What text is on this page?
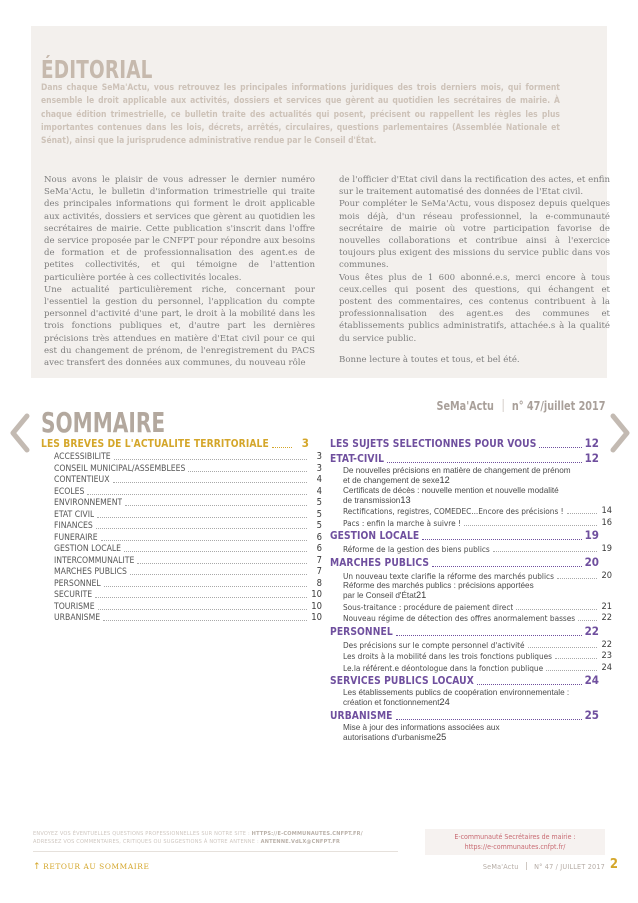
ÉDITORIAL

Dans chaque SeMa'Actu, vous retrouvez les principales informations juridiques des trois derniers mois, qui forment ensemble le droit applicable aux activités, dossiers et services que gèrent au quotidien les secrétaires de mairie. À chaque édition trimestrielle, ce bulletin traite des actualités qui posent, précisent ou rappellent les règles les plus importantes contenues dans les lois, décrets, arrêtés, circulaires, questions parlementaires (Assemblée Nationale et Sénat), ainsi que la jurisprudence administrative rendue par le Conseil d'État.

Nous avons le plaisir de vous adresser le dernier numéro SeMa'Actu, le bulletin d'information trimestrielle qui traite des principales informations qui forment le droit applicable aux activités, dossiers et services que gèrent au quotidien les secrétaires de mairie. Cette publication s'inscrit dans l'offre de service proposée par le CNFPT pour répondre aux besoins de formation et de professionnalisation des agent.es de petites collectivités, et qui témoigne de l'attention particulière portée à ces collectivités locales.

Une actualité particulièrement riche, concernant pour l'essentiel la gestion du personnel, l'application du compte personnel d'activité d'une part, le droit à la mobilité dans les trois fonctions publiques et, d'autre part les dernières précisions très attendues en matière d'Etat civil pour ce qui est du changement de prénom, de l'enregistrement du PACS avec transfert des données aux communes, du nouveau rôle

de l'officier d'Etat civil dans la rectification des actes, et enfin sur le traitement automatisé des données de l'Etat civil.

Pour compléter le SeMa'Actu, vous disposez depuis quelques mois déjà, d'un réseau professionnel, la e-communauté secrétaire de mairie où votre participation favorise de nouvelles collaborations et contribue ainsi à l'exercice toujours plus exigent des missions du service public dans vos communes.

Vous êtes plus de 1 600 abonné.e.s, merci encore à tous ceux.celles qui posent des questions, qui échangent et postent des commentaires, ces contenus contribuent à la professionnalisation des agent.es des communes et établissements publics administratifs, attachée.s à la qualité du service public.

Bonne lecture à toutes et tous, et bel été.

SOMMAIRE
SeMa'Actu n° 47/juillet 2017
LES BRÈVES DE L'ACTUALITÉ TERRITORIALE	3
ACCESSIBILITÉ	3
CONSEIL MUNICIPAL/ASSEMBLÉES	3
CONTENTIEUX	4
ÉCOLES	4
ENVIRONNEMENT	5
ÉTAT CIVIL	5
FINANCES	5
FUNÉRAIRE	6
GESTION LOCALE	6
INTERCOMMUNALITÉ	7
MARCHÉS PUBLICS	7
PERSONNEL	8
SÉCURITÉ	10
TOURISME	10
URBANISME	10
LES SUJETS SÉLECTIONNÉS POUR VOUS	12
ÉTAT-CIVIL	12
De nouvelles précisions en matière de changement de prénom
et de changement de sexe 12
Certificats de décès : nouvelle mention et nouvelle modalité
de transmission 13
Rectifications, registres, COMEDEC...Encore des précisions !	14
Pacs : enfin la marche à suivre !	16
GESTION LOCALE	19
Réforme de la gestion des biens publics	19
MARCHÉS PUBLICS	20
Un nouveau texte clarifie la réforme des marchés publics	20
Réforme des marchés publics : précisions apportées
par le Conseil d'État 21
Sous-traitance : procédure de paiement direct	21
Nouveau régime de détection des offres anormalement basses	22
PERSONNEL	22
Des précisions sur le compte personnel d'activité	22
Les droits à la mobilité dans les trois fonctions publiques	23
Le.la référent.e déontologue dans la fonction publique	24
SERVICES PUBLICS LOCAUX	24
Les établissements publics de coopération environnementale :
création et fonctionnement 24
URBANISME	25
Mise à jour des informations associées aux
autorisations d'urbanisme 25
ENVOYEZ VOS ÉVENTUELLES QUESTIONS PROFESSIONNELLES SUR NOTRE SITE : HTTPS://E-COMMUNAUTES.CNFPT.FR/
ADRESSEZ VOS COMMENTAIRES, CRITIQUES OU SUGGESTIONS À NOTRE ANTENNE : ANTENNE.VdLX@CNFPT.FR
E-communauté Secrétaires de mairie :
https://e-communautes.cnfpt.fr/
↑ RETOUR AU SOMMAIRE	SeMa'Actu N° 47 / JUILLET 2017 2
